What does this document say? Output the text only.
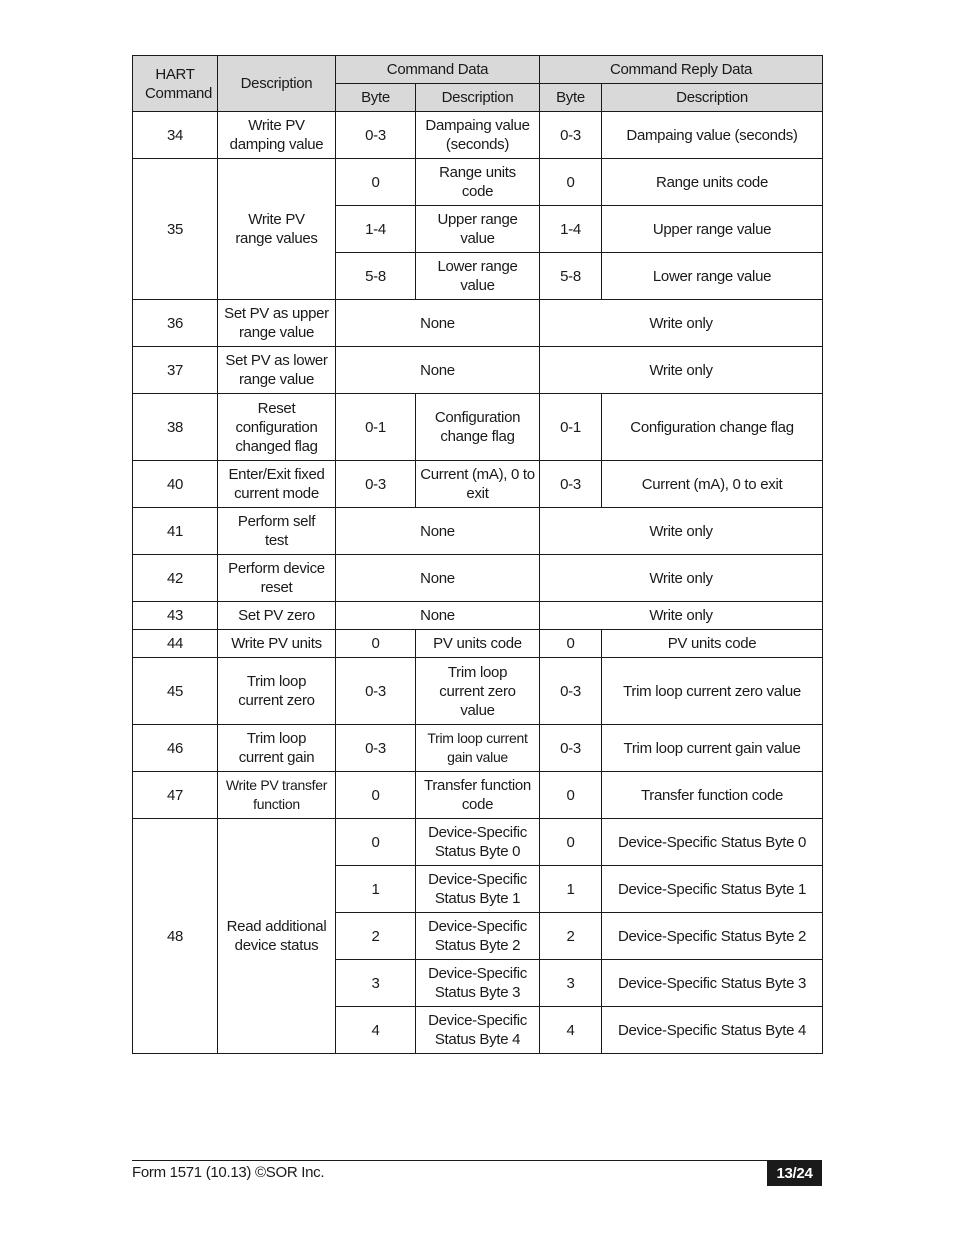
HART Command	Description	Command Data		Command Reply Data	
		Byte	Description	Byte	Description
34	Write PV damping value	0-3	Dampaing value (seconds)	0-3	Dampaing value (seconds)
35	Write PV range values	0	Range units code	0	Range units code
		1-4	Upper range value	1-4	Upper range value
		5-8	Lower range value	5-8	Lower range value
36	Set PV as upper range value	None		Write only	
37	Set PV as lower range value	None		Write only	
38	Reset configuration changed flag	0-1	Configuration change flag	0-1	Configuration change flag
40	Enter/Exit fixed current mode	0-3	Current (mA), 0 to exit	0-3	Current (mA), 0 to exit
41	Perform self test	None		Write only	
42	Perform device reset	None		Write only	
43	Set PV zero	None		Write only	
44	Write PV units	0	PV units code	0	PV units code
45	Trim loop current zero	0-3	Trim loop current zero value	0-3	Trim loop current zero value
46	Trim loop current gain	0-3	Trim loop current gain value	0-3	Trim loop current gain value
47	Write PV transfer function	0	Transfer function code	0	Transfer function code
48	Read additional device status	0	Device-Specific Status Byte 0	0	Device-Specific Status Byte 0
		1	Device-Specific Status Byte 1	1	Device-Specific Status Byte 1
		2	Device-Specific Status Byte 2	2	Device-Specific Status Byte 2
		3	Device-Specific Status Byte 3	3	Device-Specific Status Byte 3
		4	Device-Specific Status Byte 4	4	Device-Specific Status Byte 4
Form 1571 (10.13) ©SOR Inc.	13/24
